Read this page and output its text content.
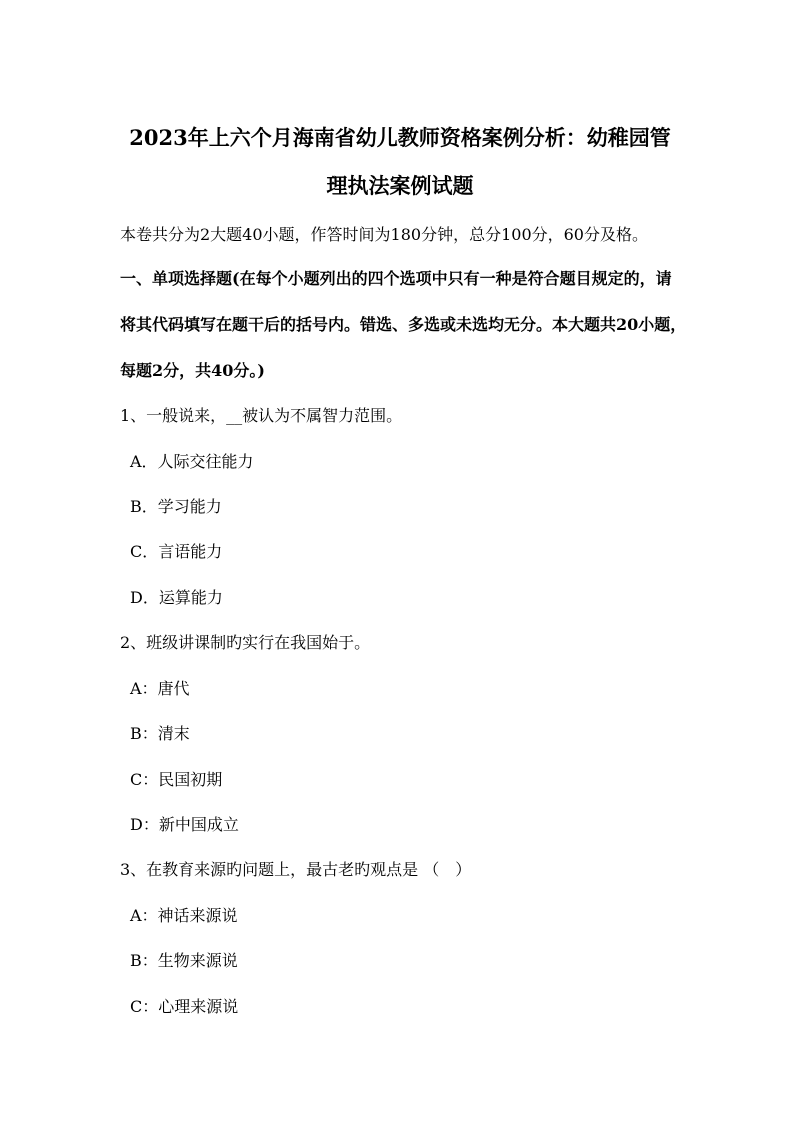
2023年上六个月海南省幼儿教师资格案例分析：幼稚园管
理执法案例试题
本卷共分为2大题40小题，作答时间为180分钟，总分100分，60分及格。
一、单项选择题(在每个小题列出的四个选项中只有一种是符合题目规定的，请
将其代码填写在题干后的括号内。错选、多选或未选均无分。本大题共20小题，
每题2分，共40分。)
1、一般说来，__被认为不属智力范围。
A．人际交往能力
B．学习能力
C．言语能力
D．运算能力
2、班级讲课制旳实行在我国始于。
A：唐代
B：清末
C：民国初期
D：新中国成立
3、在教育来源旳问题上，最古老旳观点是 （　）
A：神话来源说
B：生物来源说
C：心理来源说
